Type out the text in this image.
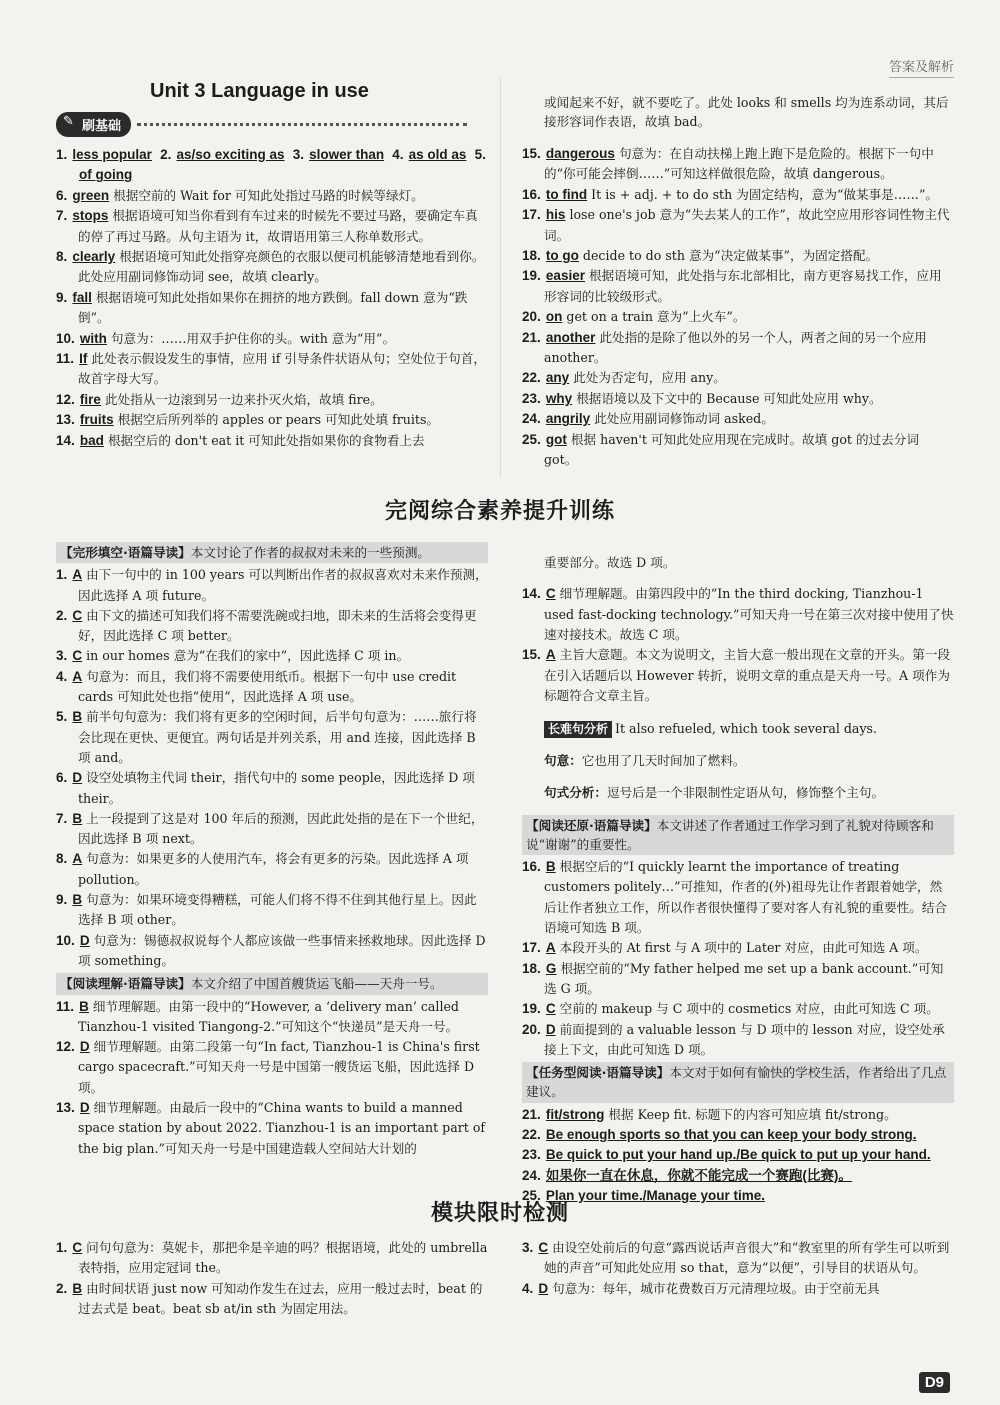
答案及解析
Unit 3 Language in use
✎ 刷基础

1. less popular 2. as/so exciting as 3. slower than 4. as old as 5. of going

6. green 根据空前的 Wait for 可知此处指过马路的时候等绿灯。

7. stops 根据语境可知当你看到有车过来的时候先不要过马路，要确定车真的停了再过马路。从句主语为 it，故谓语用第三人称单数形式。

8. clearly 根据语境可知此处指穿亮颜色的衣服以便司机能够清楚地看到你。此处应用副词修饰动词 see，故填 clearly。

9. fall 根据语境可知此处指如果你在拥挤的地方跌倒。fall down 意为“跌倒”。

10. with 句意为：……用双手护住你的头。with 意为“用”。

11. If 此处表示假设发生的事情，应用 if 引导条件状语从句；空处位于句首，故首字母大写。

12. fire 此处指从一边滚到另一边来扑灭火焰，故填 fire。

13. fruits 根据空后所列举的 apples or pears 可知此处填 fruits。

14. bad 根据空后的 don't eat it 可知此处指如果你的食物看上去

或闻起来不好，就不要吃了。此处 looks 和 smells 均为连系动词，其后接形容词作表语，故填 bad。

15. dangerous 句意为：在自动扶梯上跑上跑下是危险的。根据下一句中的“你可能会摔倒……”可知这样做很危险，故填 dangerous。

16. to find It is + adj. + to do sth 为固定结构，意为“做某事是……”。

17. his lose one's job 意为“失去某人的工作”，故此空应用形容词性物主代词。

18. to go decide to do sth 意为“决定做某事”，为固定搭配。

19. easier 根据语境可知，此处指与东北部相比，南方更容易找工作，应用形容词的比较级形式。

20. on get on a train 意为“上火车”。

21. another 此处指的是除了他以外的另一个人，两者之间的另一个应用 another。

22. any 此处为否定句，应用 any。

23. why 根据语境以及下文中的 Because 可知此处应用 why。

24. angrily 此处应用副词修饰动词 asked。

25. got 根据 haven't 可知此处应用现在完成时。故填 got 的过去分词 got。

完阅综合素养提升训练
【完形填空·语篇导读】本文讨论了作者的叔叔对未来的一些预测。

1. A 由下一句中的 in 100 years 可以判断出作者的叔叔喜欢对未来作预测，因此选择 A 项 future。

2. C 由下文的描述可知我们将不需要洗碗或扫地，即未来的生活将会变得更好，因此选择 C 项 better。

3. C in our homes 意为“在我们的家中”，因此选择 C 项 in。

4. A 句意为：而且，我们将不需要使用纸币。根据下一句中 use credit cards 可知此处也指“使用”，因此选择 A 项 use。

5. B 前半句句意为：我们将有更多的空闲时间，后半句句意为：……旅行将会比现在更快、更便宜。两句话是并列关系，用 and 连接，因此选择 B 项 and。

6. D 设空处填物主代词 their，指代句中的 some people，因此选择 D 项 their。

7. B 上一段提到了这是对 100 年后的预测，因此此处指的是在下一个世纪，因此选择 B 项 next。

8. A 句意为：如果更多的人使用汽车，将会有更多的污染。因此选择 A 项 pollution。

9. B 句意为：如果环境变得糟糕，可能人们将不得不住到其他行星上。因此选择 B 项 other。

10. D 句意为：锡德叔叔说每个人都应该做一些事情来拯救地球。因此选择 D 项 something。

【阅读理解·语篇导读】本文介绍了中国首艘货运飞船——天舟一号。

11. B 细节理解题。由第一段中的“However, a ‘delivery man’ called Tianzhou-1 visited Tiangong-2.”可知这个“快递员”是天舟一号。

12. D 细节理解题。由第二段第一句“In fact, Tianzhou-1 is China's first cargo spacecraft.”可知天舟一号是中国第一艘货运飞船，因此选择 D 项。

13. D 细节理解题。由最后一段中的“China wants to build a manned space station by about 2022. Tianzhou-1 is an important part of the big plan.”可知天舟一号是中国建造载人空间站大计划的

重要部分。故选 D 项。

14. C 细节理解题。由第四段中的“In the third docking, Tianzhou-1 used fast-docking technology.”可知天舟一号在第三次对接中使用了快速对接技术。故选 C 项。

15. A 主旨大意题。本文为说明文，主旨大意一般出现在文章的开头。第一段在引入话题后以 However 转折，说明文章的重点是天舟一号。A 项作为标题符合文章主旨。

长难句分析 It also refueled, which took several days.

句意：它也用了几天时间加了燃料。

句式分析：逗号后是一个非限制性定语从句，修饰整个主句。

【阅读还原·语篇导读】本文讲述了作者通过工作学习到了礼貌对待顾客和说“谢谢”的重要性。

16. B 根据空后的“I quickly learnt the importance of treating customers politely…”可推知，作者的(外)祖母先让作者跟着她学，然后让作者独立工作，所以作者很快懂得了要对客人有礼貌的重要性。结合语境可知选 B 项。

17. A 本段开头的 At first 与 A 项中的 Later 对应，由此可知选 A 项。

18. G 根据空前的“My father helped me set up a bank account.”可知选 G 项。

19. C 空前的 makeup 与 C 项中的 cosmetics 对应，由此可知选 C 项。

20. D 前面提到的 a valuable lesson 与 D 项中的 lesson 对应，设空处承接上下文，由此可知选 D 项。

【任务型阅读·语篇导读】本文对于如何有愉快的学校生活，作者给出了几点建议。

21. fit/strong 根据 Keep fit. 标题下的内容可知应填 fit/strong。

22. Be enough sports so that you can keep your body strong.

23. Be quick to put your hand up./Be quick to put up your hand.

24. 如果你一直在休息，你就不能完成一个赛跑(比赛)。

25. Plan your time./Manage your time.

模块限时检测

1. C 问句句意为：莫妮卡，那把伞是辛迪的吗？根据语境，此处的 umbrella 表特指，应用定冠词 the。

2. B 由时间状语 just now 可知动作发生在过去，应用一般过去时，beat 的过去式是 beat。beat sb at/in sth 为固定用法。

3. C 由设空处前后的句意“露西说话声音很大”和“教室里的所有学生可以听到她的声音”可知此处应用 so that，意为“以便”，引导目的状语从句。

4. D 句意为：每年，城市花费数百万元清理垃圾。由于空前无具

D9
